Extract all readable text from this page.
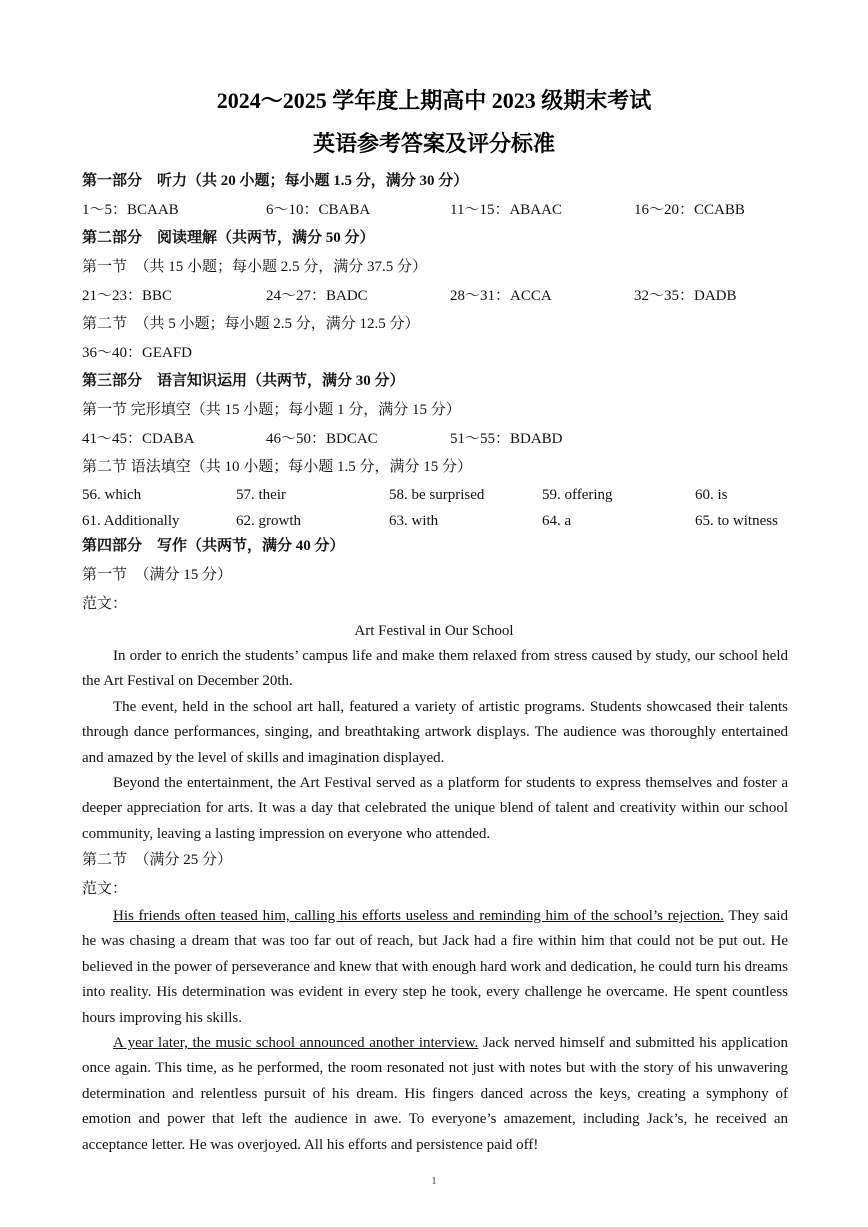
2024～2025 学年度上期高中 2023 级期末考试
英语参考答案及评分标准
第一部分　听力（共 20 小题；每小题 1.5 分，满分 30 分）
1～5：BCAAB	6～10：CBABA	11～15：ABAAC	16～20：CCABB
第二部分　阅读理解（共两节，满分 50 分）
第一节　（共 15 小题；每小题 2.5 分，满分 37.5 分）
21～23：BBC	24～27：BADC	28～31：ACCA	32～35：DADB
第二节　（共 5 小题；每小题 2.5 分，满分 12.5 分）
36～40：GEAFD
第三部分　语言知识运用（共两节，满分 30 分）
第一节 完形填空（共 15 小题；每小题 1 分，满分 15 分）
41～45：CDABA	46～50：BDCAC	51～55：BDABD
第二节 语法填空（共 10 小题；每小题 1.5 分，满分 15 分）
56. which	57. their	58. be surprised	59. offering	60. is
61. Additionally	62. growth	63. with	64. a	65. to witness
第四部分　写作（共两节，满分 40 分）
第一节　（满分 15 分）
范文：
Art Festival in Our School
In order to enrich the students’ campus life and make them relaxed from stress caused by study, our school held the Art Festival on December 20th.
The event, held in the school art hall, featured a variety of artistic programs. Students showcased their talents through dance performances, singing, and breathtaking artwork displays. The audience was thoroughly entertained and amazed by the level of skills and imagination displayed.
Beyond the entertainment, the Art Festival served as a platform for students to express themselves and foster a deeper appreciation for arts. It was a day that celebrated the unique blend of talent and creativity within our school community, leaving a lasting impression on everyone who attended.
第二节　（满分 25 分）
范文：
His friends often teased him, calling his efforts useless and reminding him of the school’s rejection. They said he was chasing a dream that was too far out of reach, but Jack had a fire within him that could not be put out. He believed in the power of perseverance and knew that with enough hard work and dedication, he could turn his dreams into reality. His determination was evident in every step he took, every challenge he overcame. He spent countless hours improving his skills.
A year later, the music school announced another interview. Jack nerved himself and submitted his application once again. This time, as he performed, the room resonated not just with notes but with the story of his unwavering determination and relentless pursuit of his dream. His fingers danced across the keys, creating a symphony of emotion and power that left the audience in awe. To everyone’s amazement, including Jack’s, he received an acceptance letter. He was overjoyed. All his efforts and persistence paid off!
1
